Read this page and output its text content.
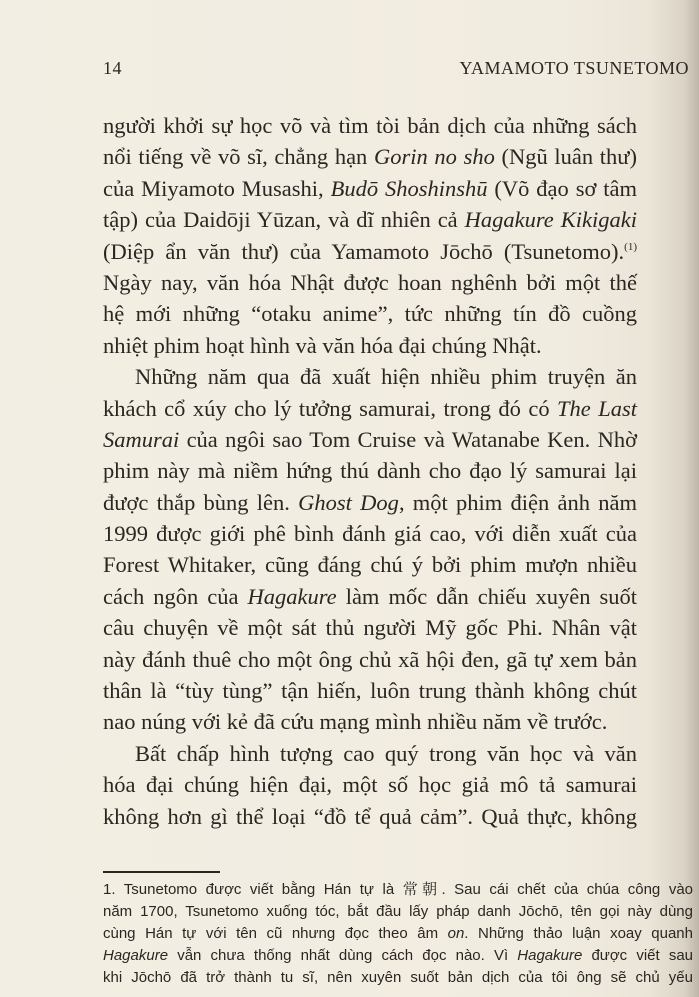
14	YAMAMOTO TSUNETOMO
người khởi sự học võ và tìm tòi bản dịch của những sách
nổi tiếng về võ sĩ, chẳng hạn Gorin no sho (Ngũ luân thư)
của Miyamoto Musashi, Budō Shoshinshū (Võ đạo sơ tâm
tập) của Daidōji Yūzan, và dĩ nhiên cả Hagakure Kikigaki
(Diệp ẩn văn thư) của Yamamoto Jōchō (Tsunetomo).$^{(1)}$
Ngày nay, văn hóa Nhật được hoan nghênh bởi một thế
hệ mới những “otaku anime”, tức những tín đồ cuồng
nhiệt phim hoạt hình và văn hóa đại chúng Nhật.
Những năm qua đã xuất hiện nhiều phim truyện ăn
khách cổ xúy cho lý tưởng samurai, trong đó có The Last
Samurai của ngôi sao Tom Cruise và Watanabe Ken. Nhờ
phim này mà niềm hứng thú dành cho đạo lý samurai lại
được thắp bùng lên. Ghost Dog, một phim điện ảnh năm
1999 được giới phê bình đánh giá cao, với diễn xuất của
Forest Whitaker, cũng đáng chú ý bởi phim mượn nhiều
cách ngôn của Hagakure làm mốc dẫn chiếu xuyên suốt
câu chuyện về một sát thủ người Mỹ gốc Phi. Nhân vật
này đánh thuê cho một ông chủ xã hội đen, gã tự xem bản
thân là “tùy tùng” tận hiến, luôn trung thành không chút
nao núng với kẻ đã cứu mạng mình nhiều năm về trước.
Bất chấp hình tượng cao quý trong văn học và văn
hóa đại chúng hiện đại, một số học giả mô tả samurai
không hơn gì thể loại “đồ tể quả cảm”. Quả thực, không
1. Tsunetomo được viết bằng Hán tự là 常朝. Sau cái chết của chúa công vào
năm 1700, Tsunetomo xuống tóc, bắt đầu lấy pháp danh Jōchō, tên gọi này dùng
cùng Hán tự với tên cũ nhưng đọc theo âm on. Những thảo luận xoay quanh
Hagakure vẫn chưa thống nhất dùng cách đọc nào. Vì Hagakure được viết sau
khi Jōchō đã trở thành tu sĩ, nên xuyên suốt bản dịch của tôi ông sẽ chủ yếu
